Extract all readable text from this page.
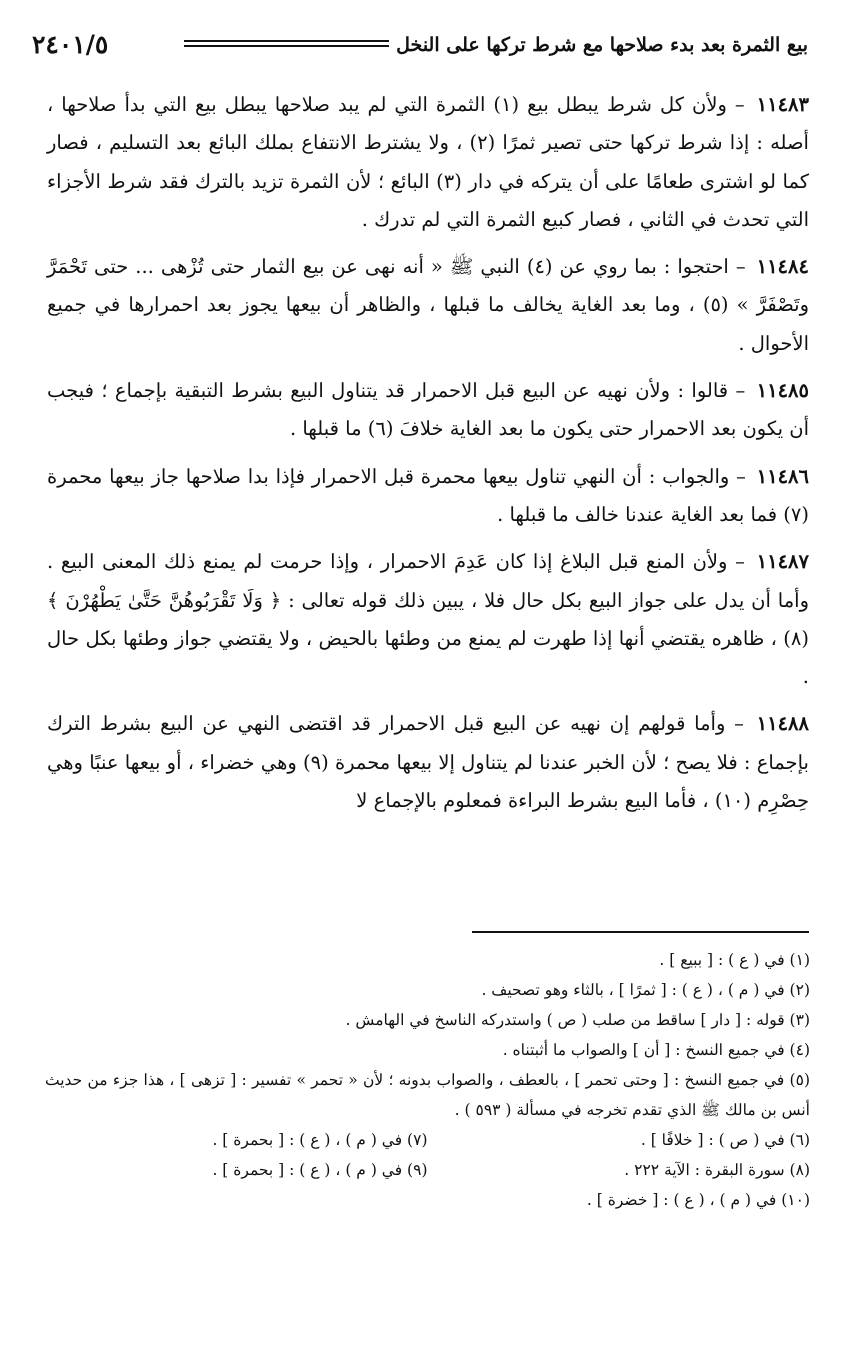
بيع الثمرة بعد بدء صلاحها مع شرط تركها على النخل
٢٤٠١/٥

١١٤٨٣ – ولأن كل شرط يبطل بيع (١) الثمرة التي لم يبد صلاحها يبطل بيع التي بدأ صلاحها ، أصله : إذا شرط تركها حتى تصير ثمرًا (٢) ، ولا يشترط الانتفاع بملك البائع بعد التسليم ، فصار كما لو اشترى طعامًا على أن يتركه في دار (٣) البائع ؛ لأن الثمرة تزيد بالترك فقد شرط الأجزاء التي تحدث في الثاني ، فصار كبيع الثمرة التي لم تدرك .

١١٤٨٤ – احتجوا : بما روي عن (٤) النبي ﷺ « أنه نهى عن بيع الثمار حتى تُزْهى ... حتى تَحْمَرَّ وتَصْفَرَّ » (٥) ، وما بعد الغاية يخالف ما قبلها ، والظاهر أن بيعها يجوز بعد احمرارها في جميع الأحوال .

١١٤٨٥ – قالوا : ولأن نهيه عن البيع قبل الاحمرار قد يتناول البيع بشرط التبقية بإجماع ؛ فيجب أن يكون بعد الاحمرار حتى يكون ما بعد الغاية خلافَ (٦) ما قبلها .

١١٤٨٦ – والجواب : أن النهي تناول بيعها محمرة قبل الاحمرار فإذا بدا صلاحها جاز بيعها محمرة (٧) فما بعد الغاية عندنا خالف ما قبلها .

١١٤٨٧ – ولأن المنع قبل البلاغ إذا كان عَدِمَ الاحمرار ، وإذا حرمت لم يمنع ذلك المعنى البيع . وأما أن يدل على جواز البيع بكل حال فلا ، يبين ذلك قوله تعالى : ﴿ وَلَا تَقْرَبُوهُنَّ حَتَّىٰ يَطْهُرْنَ ﴾ (٨) ، ظاهره يقتضي أنها إذا طهرت لم يمنع من وطئها بالحيض ، ولا يقتضي جواز وطئها بكل حال .

١١٤٨٨ – وأما قولهم إن نهيه عن البيع قبل الاحمرار قد اقتضى النهي عن البيع بشرط الترك بإجماع : فلا يصح ؛ لأن الخبر عندنا لم يتناول إلا بيعها محمرة (٩) وهي خضراء ، أو بيعها عنبًا وهي حِصْرِم (١٠) ، فأما البيع بشرط البراءة فمعلوم بالإجماع لا

(١) في ( ع ) : [ ببيع ] .

(٢) في ( م ) ، ( ع ) : [ ثمرًا ] ، بالثاء وهو تصحيف .

(٣) قوله : [ دار ] ساقط من صلب ( ص ) واستدركه الناسخ في الهامش .

(٤) في جميع النسخ : [ أن ] والصواب ما أثبتناه .

(٥) في جميع النسخ : [ وحتى تحمر ] ، بالعطف ، والصواب بدونه ؛ لأن « تحمر » تفسير : [ تزهى ] ، هذا جزء من حديث أنس بن مالك ﷺ الذي تقدم تخرجه في مسألة ( ٥٩٣ ) .

(٦) في ( ص ) : [ خلافًا ] .

(٧) في ( م ) ، ( ع ) : [ بحمرة ] .

(٨) سورة البقرة : الآية ٢٢٢ .

(٩) في ( م ) ، ( ع ) : [ بحمرة ] .

(١٠) في ( م ) ، ( ع ) : [ خضرة ] .
